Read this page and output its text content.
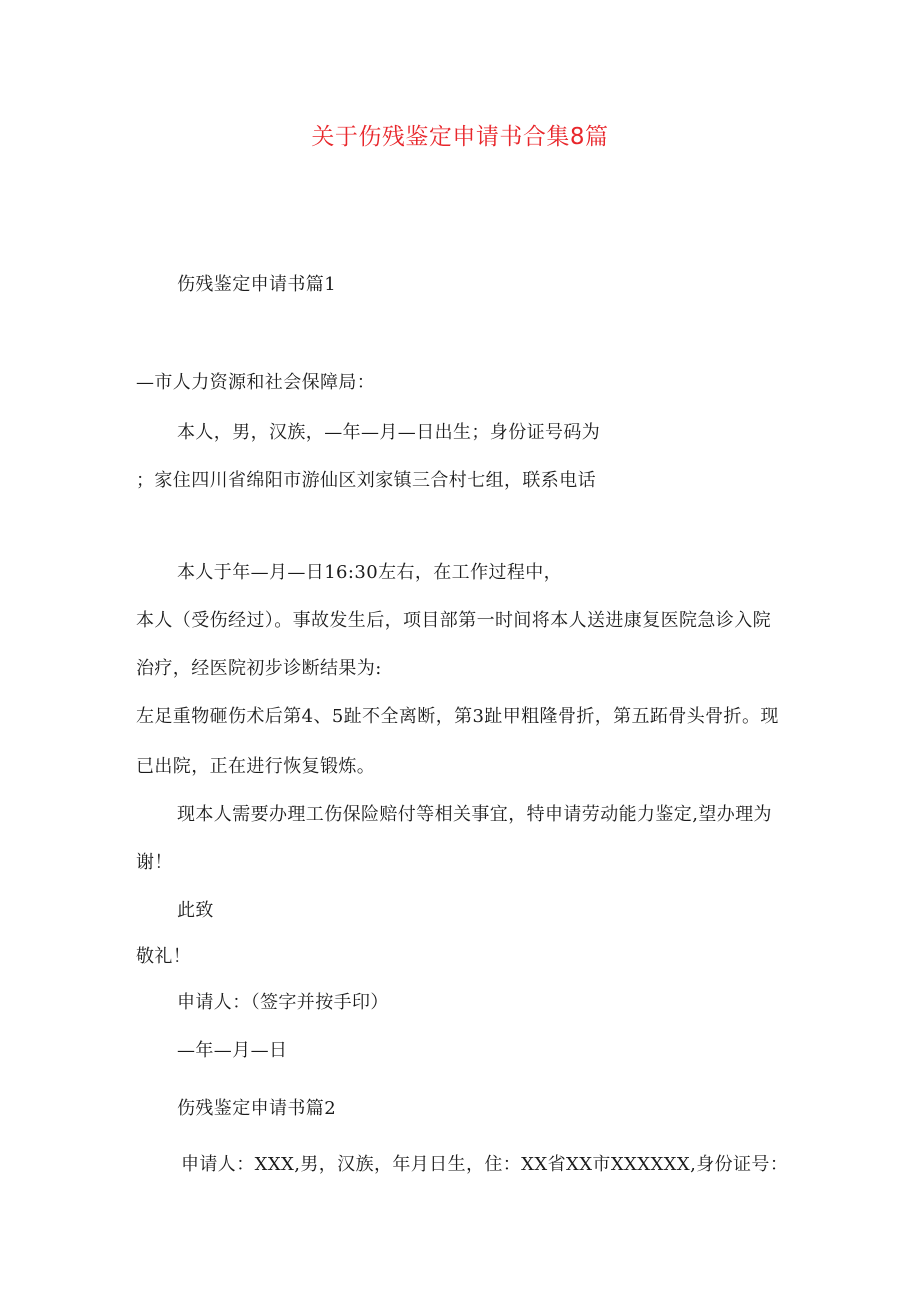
关于伤残鉴定申请书合集8篇
伤残鉴定申请书篇1
—市人力资源和社会保障局：
本人，男，汉族，—年—月—日出生；身份证号码为
；家住四川省绵阳市游仙区刘家镇三合村七组，联系电话
本人于年—月—日16:30左右，在工作过程中，
本人（受伤经过）。事故发生后，项目部第一时间将本人送进康复医院急诊入院
治疗，经医院初步诊断结果为:
左足重物砸伤术后第4、5趾不全离断，第3趾甲粗隆骨折，第五跖骨头骨折。现
已出院，正在进行恢复锻炼。
现本人需要办理工伤保险赔付等相关事宜，特申请劳动能力鉴定,望办理为
谢！
此致
敬礼！
申请人：（签字并按手印）
—年—月—日
伤残鉴定申请书篇2
申请人：XXX,男，汉族，年月日生，住：XX省XX市XXXXXX,身份证号：
